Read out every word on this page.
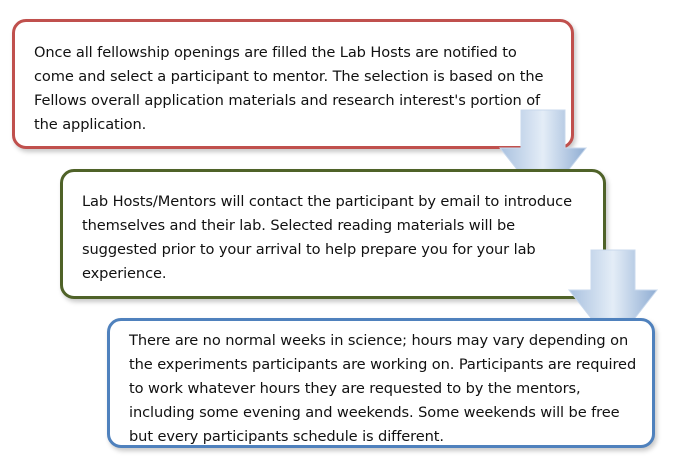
Once all fellowship openings are filled the Lab Hosts are notified to come and select a participant to mentor. The selection is based on the Fellows overall application materials and research interest's portion of the application.
Lab Hosts/Mentors will contact the participant by email to introduce themselves and their lab. Selected reading materials will be suggested prior to your arrival to help prepare you for your lab experience.
There are no normal weeks in science; hours may vary depending on the experiments participants are working on. Participants are required to work whatever hours they are requested to by the mentors, including some evening and weekends. Some weekends will be free but every participants schedule is different.
